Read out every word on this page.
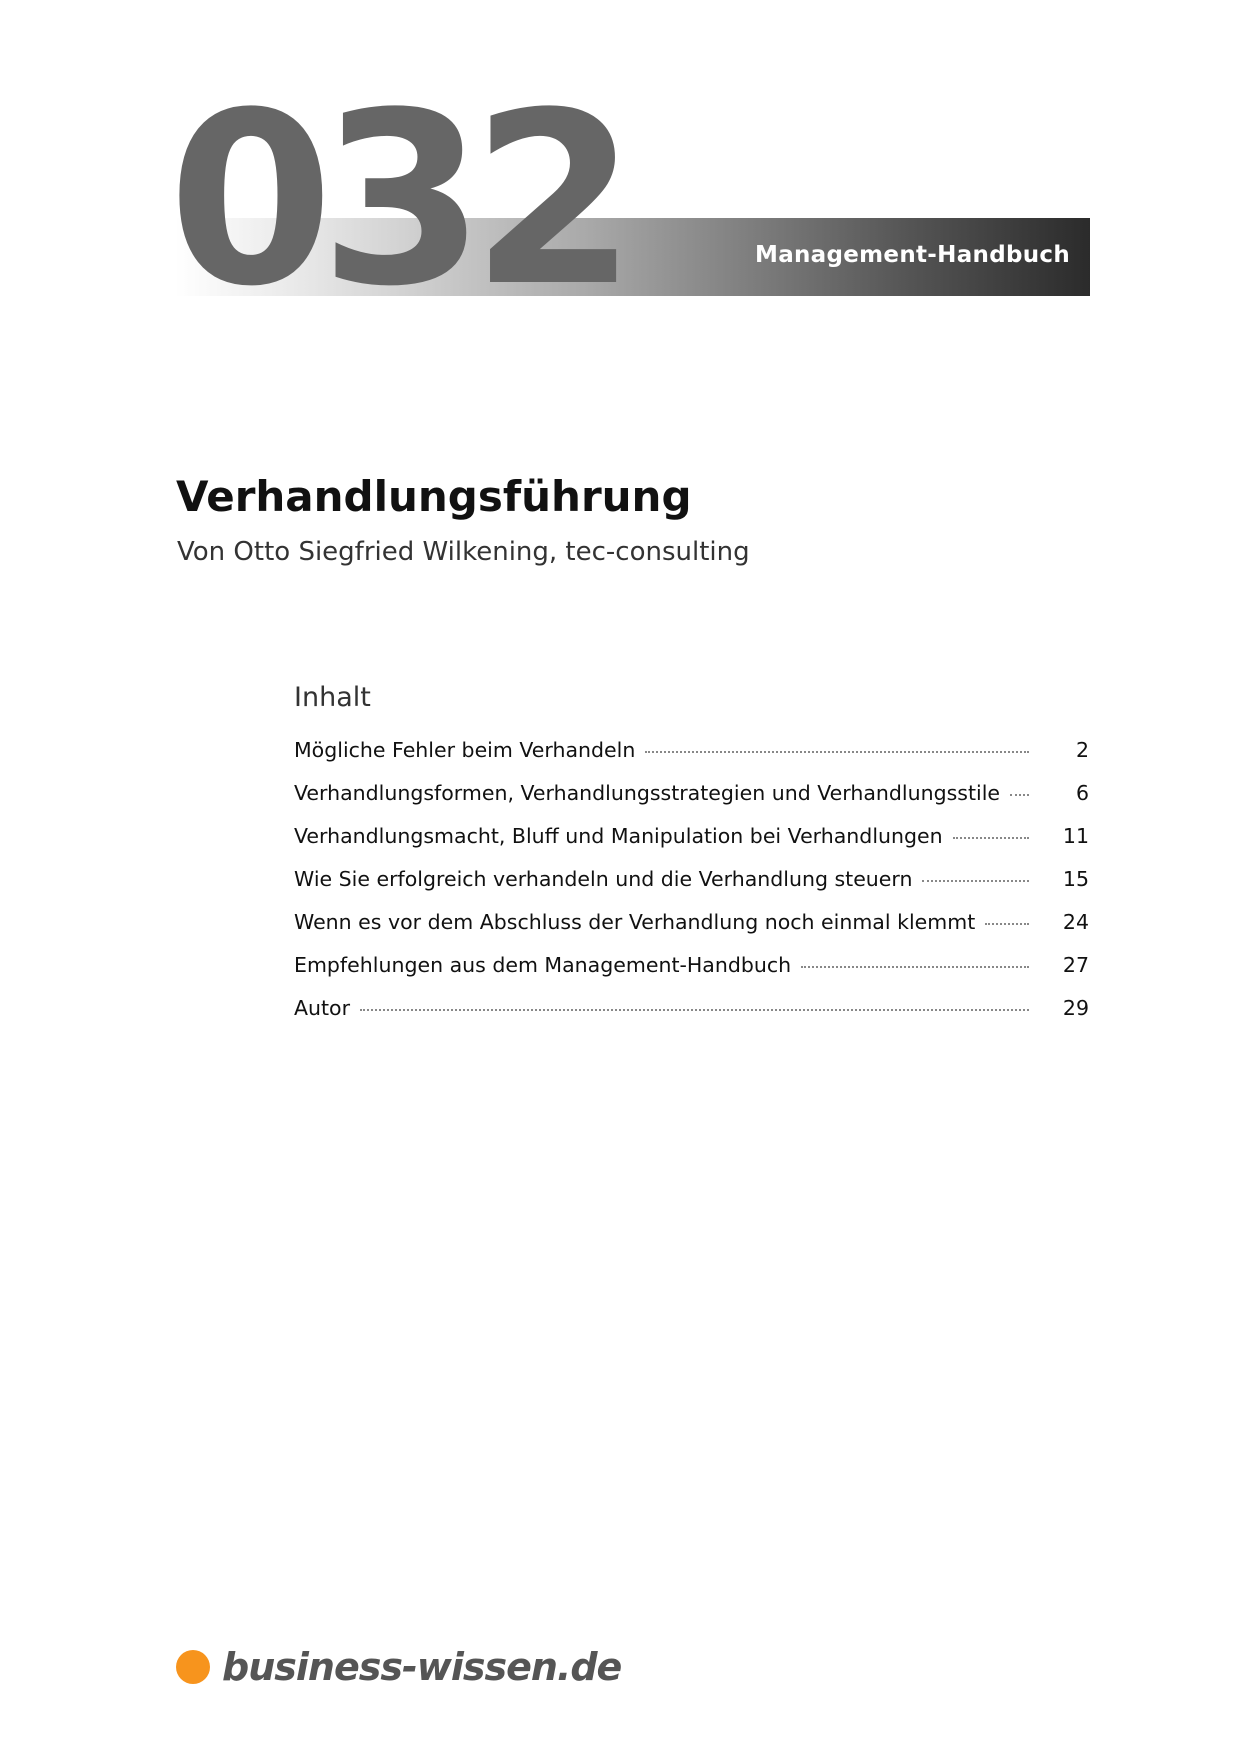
Management-Handbuch
032
Verhandlungsführung
Von Otto Siegfried Wilkening, tec-consulting
Inhalt
Mögliche Fehler beim Verhandeln	2
Verhandlungsformen, Verhandlungsstrategien und Verhandlungsstile	6
Verhandlungsmacht, Bluff und Manipulation bei Verhandlungen	11
Wie Sie erfolgreich verhandeln und die Verhandlung steuern	15
Wenn es vor dem Abschluss der Verhandlung noch einmal klemmt	24
Empfehlungen aus dem Management-Handbuch	27
Autor	29
business-wissen.de
